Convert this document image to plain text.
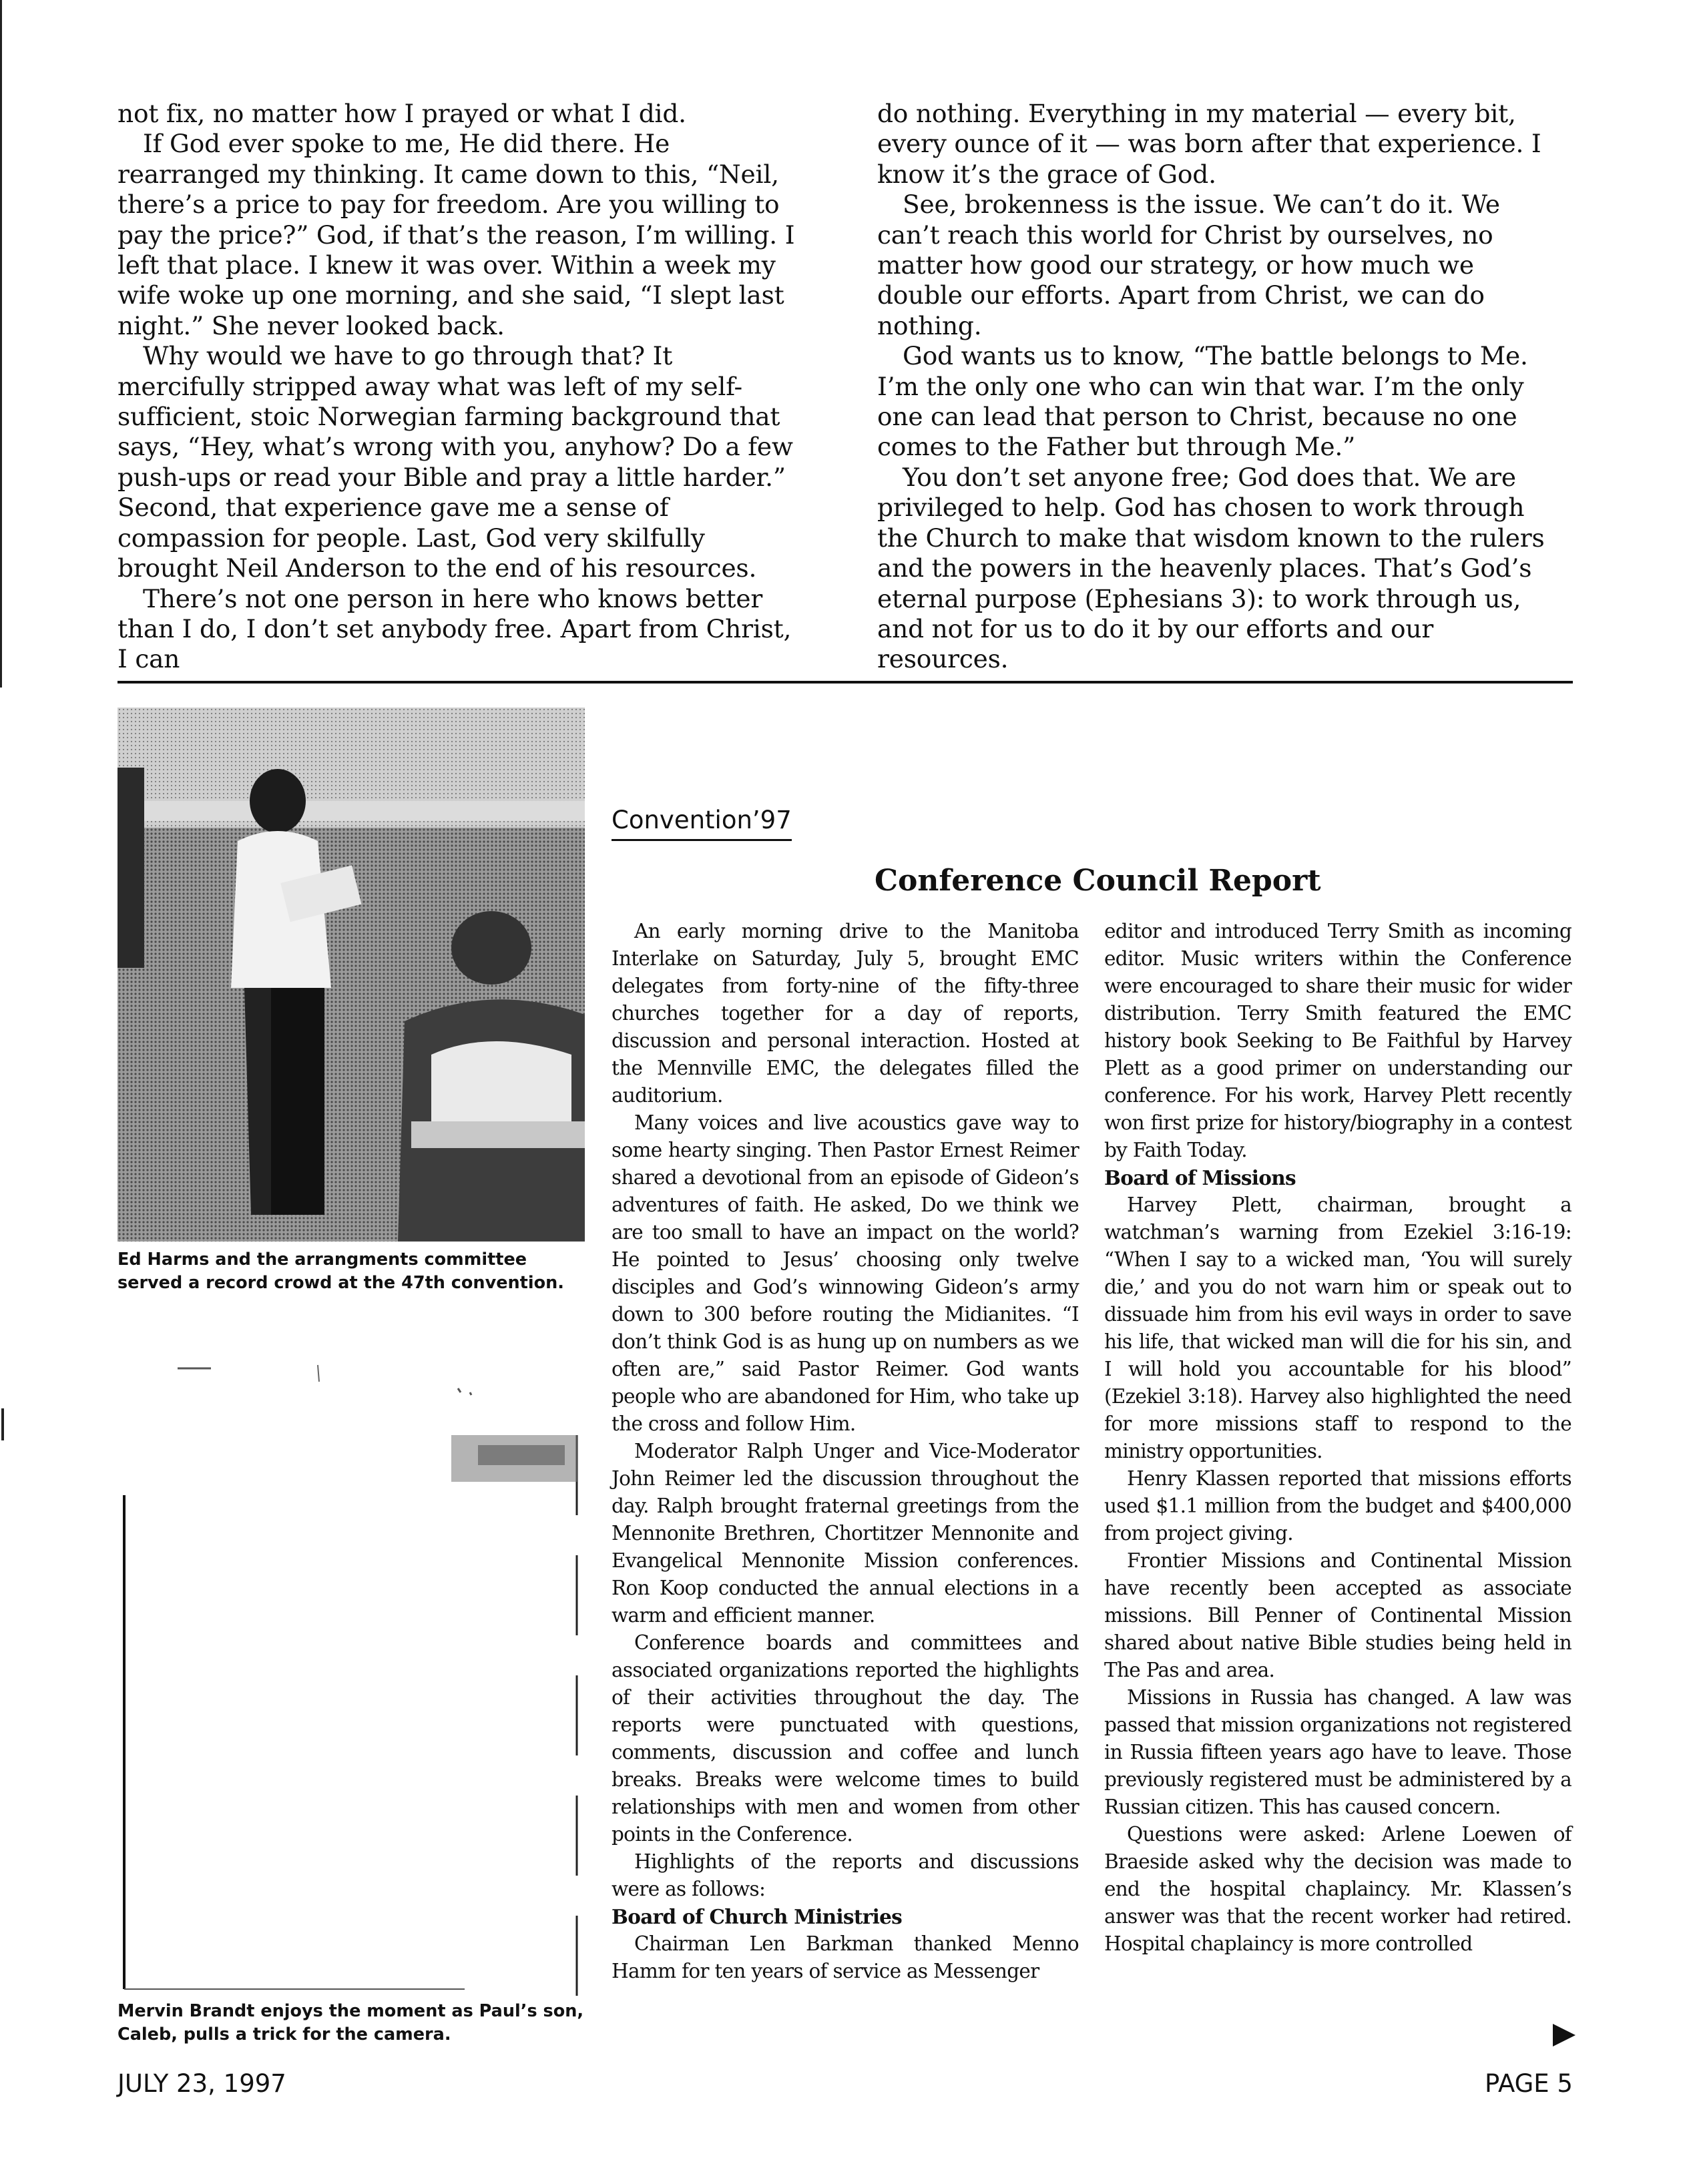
not fix, no matter how I prayed or what I did.

If God ever spoke to me, He did there. He rearranged my thinking. It came down to this, “Neil, there’s a price to pay for freedom. Are you willing to pay the price?” God, if that’s the reason, I’m willing. I left that place. I knew it was over. Within a week my wife woke up one morning, and she said, “I slept last night.” She never looked back.

Why would we have to go through that? It mercifully stripped away what was left of my self-sufficient, stoic Norwegian farming background that says, “Hey, what’s wrong with you, anyhow? Do a few push-ups or read your Bible and pray a little harder.” Second, that experience gave me a sense of compassion for people. Last, God very skilfully brought Neil Anderson to the end of his resources.

There’s not one person in here who knows better than I do, I don’t set anybody free. Apart from Christ, I can

do nothing. Everything in my material — every bit, every ounce of it — was born after that experience. I know it’s the grace of God.

See, brokenness is the issue. We can’t do it. We can’t reach this world for Christ by ourselves, no matter how good our strategy, or how much we double our efforts. Apart from Christ, we can do nothing.

God wants us to know, “The battle belongs to Me. I’m the only one who can win that war. I’m the only one can lead that person to Christ, because no one comes to the Father but through Me.”

You don’t set anyone free; God does that. We are privileged to help. God has chosen to work through the Church to make that wisdom known to the rulers and the powers in the heavenly places. That’s God’s eternal purpose (Ephesians 3): to work through us, and not for us to do it by our efforts and our resources.

Ed Harms and the arrangments committee served a record crowd at the 47th convention.
Mervin Brandt enjoys the moment as Paul’s son, Caleb, pulls a trick for the camera.
Convention’97
Conference Council Report

An early morning drive to the Manitoba Interlake on Saturday, July 5, brought EMC delegates from forty-nine of the fifty-three churches together for a day of reports, discussion and personal interaction. Hosted at the Mennville EMC, the delegates filled the auditorium.

Many voices and live acoustics gave way to some hearty singing. Then Pastor Ernest Reimer shared a devotional from an episode of Gideon’s adventures of faith. He asked, Do we think we are too small to have an impact on the world? He pointed to Jesus’ choosing only twelve disciples and God’s winnowing Gideon’s army down to 300 before routing the Midianites. “I don’t think God is as hung up on numbers as we often are,” said Pastor Reimer. God wants people who are abandoned for Him, who take up the cross and follow Him.

Moderator Ralph Unger and Vice-Moderator John Reimer led the discussion throughout the day. Ralph brought fraternal greetings from the Mennonite Brethren, Chortitzer Mennonite and Evangelical Mennonite Mission conferences. Ron Koop conducted the annual elections in a warm and efficient manner.

Conference boards and committees and associated organizations reported the highlights of their activities throughout the day. The reports were punctuated with questions, comments, discussion and coffee and lunch breaks. Breaks were welcome times to build relationships with men and women from other points in the Conference.

Highlights of the reports and discussions were as follows:

Board of Church Ministries

Chairman Len Barkman thanked Menno Hamm for ten years of service as Messenger

editor and introduced Terry Smith as incoming editor. Music writers within the Conference were encouraged to share their music for wider distribution. Terry Smith featured the EMC history book Seeking to Be Faithful by Harvey Plett as a good primer on understanding our conference. For his work, Harvey Plett recently won first prize for history/biography in a contest by Faith Today.

Board of Missions

Harvey Plett, chairman, brought a watchman’s warning from Ezekiel 3:16-19: “When I say to a wicked man, ‘You will surely die,’ and you do not warn him or speak out to dissuade him from his evil ways in order to save his life, that wicked man will die for his sin, and I will hold you accountable for his blood” (Ezekiel 3:18). Harvey also highlighted the need for more missions staff to respond to the ministry opportunities.

Henry Klassen reported that missions efforts used $1.1 million from the budget and $400,000 from project giving.

Frontier Missions and Continental Mission have recently been accepted as associate missions. Bill Penner of Continental Mission shared about native Bible studies being held in The Pas and area.

Missions in Russia has changed. A law was passed that mission organizations not registered in Russia fifteen years ago have to leave. Those previously registered must be administered by a Russian citizen. This has caused concern.

Questions were asked: Arlene Loewen of Braeside asked why the decision was made to end the hospital chaplaincy. Mr. Klassen’s answer was that the recent worker had retired. Hospital chaplaincy is more controlled

JULY 23, 1997	PAGE 5
